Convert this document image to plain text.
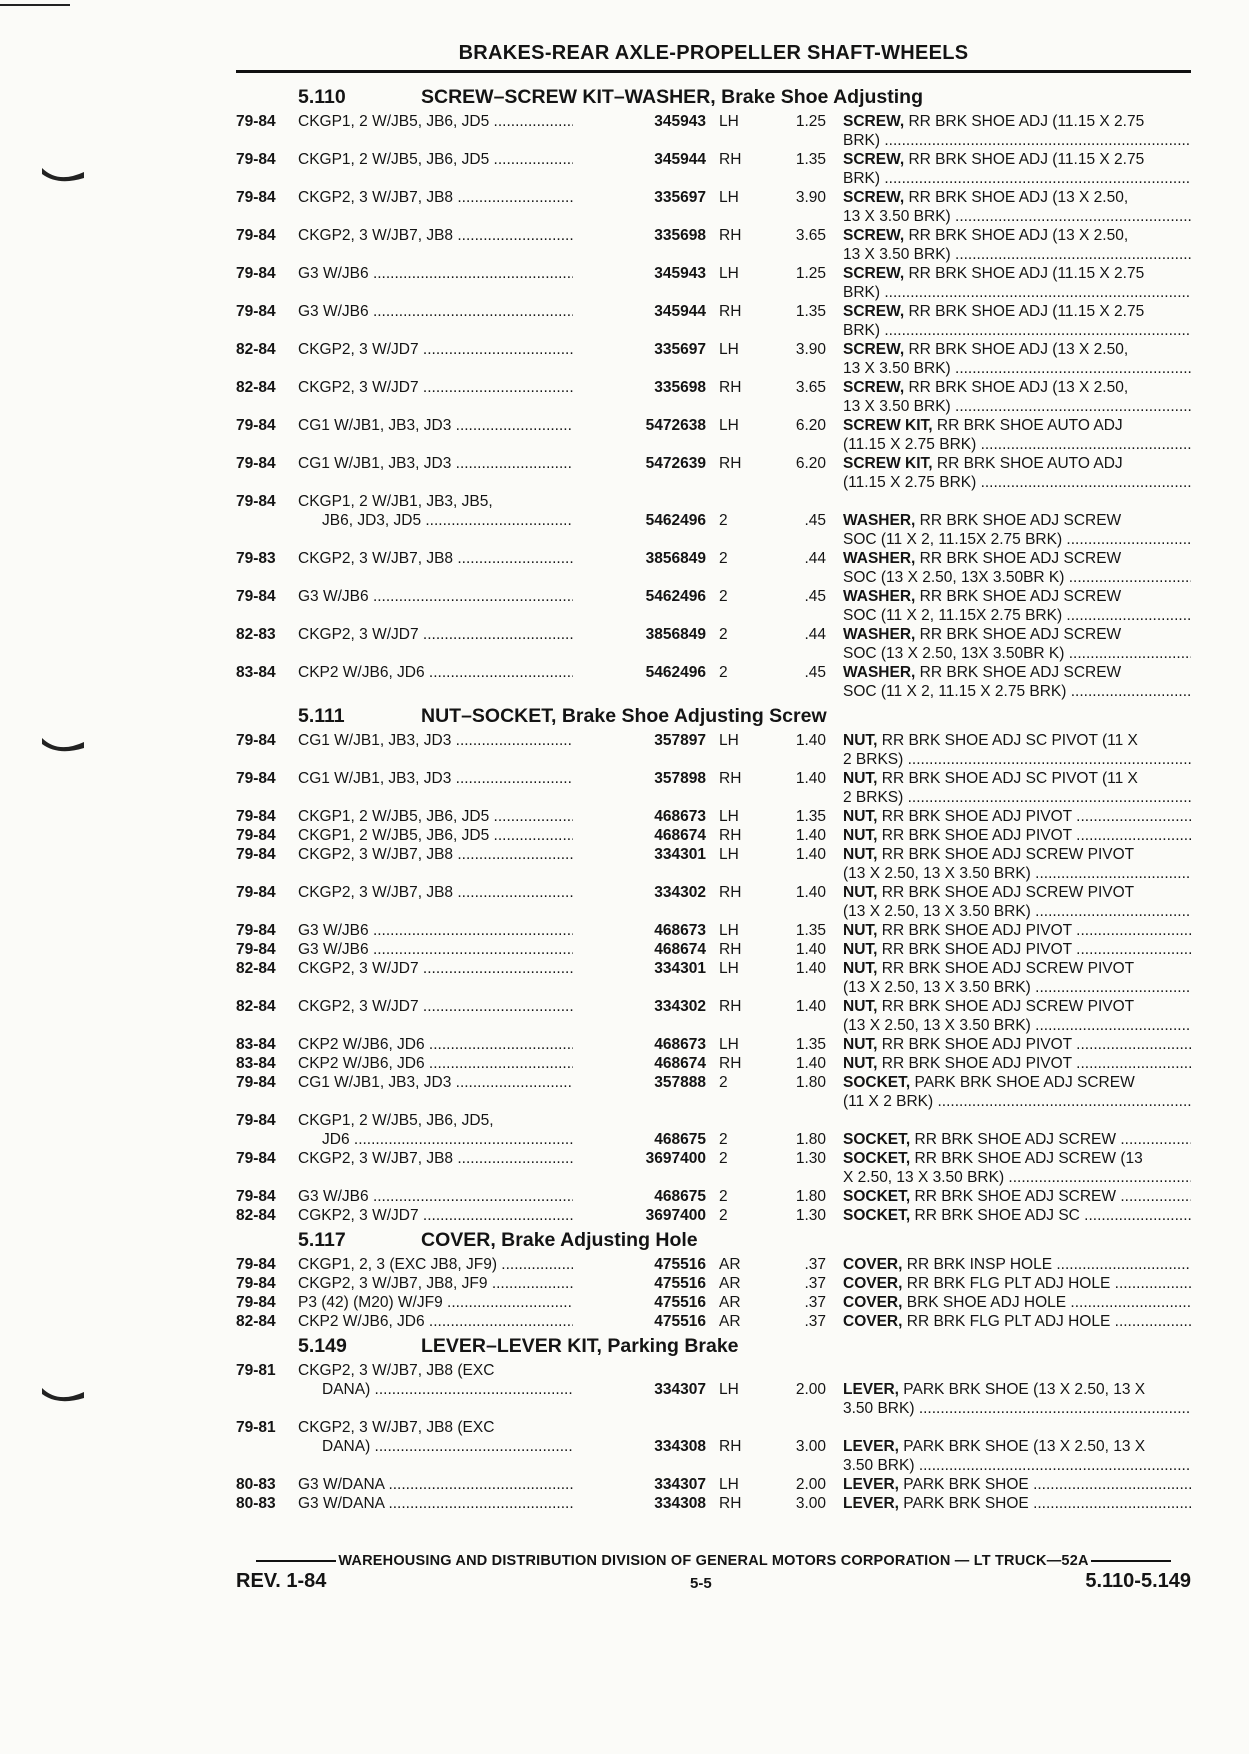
BRAKES-REAR AXLE-PROPELLER SHAFT-WHEELS
5.110	SCREW–SCREW KIT–WASHER, Brake Shoe Adjusting
79-84 CKGP1, 2 W/JB5, JB6, JD5 .....	345943 LH	1.25 SCREW, RR BRK SHOE ADJ (11.15 X 2.75
BRK) .....
79-84 CKGP1, 2 W/JB5, JB6, JD5 .....	345944 RH	1.35 SCREW, RR BRK SHOE ADJ (11.15 X 2.75
BRK) .....
79-84 CKGP2, 3 W/JB7, JB8 .....	335697 LH	3.90 SCREW, RR BRK SHOE ADJ (13 X 2.50,
13 X 3.50 BRK) .....
79-84 CKGP2, 3 W/JB7, JB8 .....	335698 RH	3.65 SCREW, RR BRK SHOE ADJ (13 X 2.50,
13 X 3.50 BRK) .....
79-84 G3 W/JB6 .....	345943 LH	1.25 SCREW, RR BRK SHOE ADJ (11.15 X 2.75
BRK) .....
79-84 G3 W/JB6 .....	345944 RH	1.35 SCREW, RR BRK SHOE ADJ (11.15 X 2.75
BRK) .....
82-84 CKGP2, 3 W/JD7 .....	335697 LH	3.90 SCREW, RR BRK SHOE ADJ (13 X 2.50,
13 X 3.50 BRK) .....
82-84 CKGP2, 3 W/JD7 .....	335698 RH	3.65 SCREW, RR BRK SHOE ADJ (13 X 2.50,
13 X 3.50 BRK) .....
79-84 CG1 W/JB1, JB3, JD3 .....	5472638 LH	6.20 SCREW KIT, RR BRK SHOE AUTO ADJ
(11.15 X 2.75 BRK) .....
79-84 CG1 W/JB1, JB3, JD3 .....	5472639 RH	6.20 SCREW KIT, RR BRK SHOE AUTO ADJ
(11.15 X 2.75 BRK) .....
79-84 CKGP1, 2 W/JB1, JB3, JB5,
JB6, JD3, JD5 .....	5462496 2	.45 WASHER, RR BRK SHOE ADJ SCREW
SOC (11 X 2, 11.15X 2.75 BRK) .....
79-83 CKGP2, 3 W/JB7, JB8 .....	3856849 2	.44 WASHER, RR BRK SHOE ADJ SCREW
SOC (13 X 2.50, 13X 3.50BR K) .....
79-84 G3 W/JB6 .....	5462496 2	.45 WASHER, RR BRK SHOE ADJ SCREW
SOC (11 X 2, 11.15X 2.75 BRK) .....
82-83 CKGP2, 3 W/JD7 .....	3856849 2	.44 WASHER, RR BRK SHOE ADJ SCREW
SOC (13 X 2.50, 13X 3.50BR K) .....
83-84 CKP2 W/JB6, JD6 .....	5462496 2	.45 WASHER, RR BRK SHOE ADJ SCREW
SOC (11 X 2, 11.15 X 2.75 BRK) .....
5.111	NUT–SOCKET, Brake Shoe Adjusting Screw
79-84 CG1 W/JB1, JB3, JD3 .....	357897 LH	1.40 NUT, RR BRK SHOE ADJ SC PIVOT (11 X
2 BRKS) .....
79-84 CG1 W/JB1, JB3, JD3 .....	357898 RH	1.40 NUT, RR BRK SHOE ADJ SC PIVOT (11 X
2 BRKS) .....
79-84 CKGP1, 2 W/JB5, JB6, JD5 .....	468673 LH	1.35 NUT, RR BRK SHOE ADJ PIVOT .....
79-84 CKGP1, 2 W/JB5, JB6, JD5 .....	468674 RH	1.40 NUT, RR BRK SHOE ADJ PIVOT .....
79-84 CKGP2, 3 W/JB7, JB8 .....	334301 LH	1.40 NUT, RR BRK SHOE ADJ SCREW PIVOT
(13 X 2.50, 13 X 3.50 BRK) .....
79-84 CKGP2, 3 W/JB7, JB8 .....	334302 RH	1.40 NUT, RR BRK SHOE ADJ SCREW PIVOT
(13 X 2.50, 13 X 3.50 BRK) .....
79-84 G3 W/JB6 .....	468673 LH	1.35 NUT, RR BRK SHOE ADJ PIVOT .....
79-84 G3 W/JB6 .....	468674 RH	1.40 NUT, RR BRK SHOE ADJ PIVOT .....
82-84 CKGP2, 3 W/JD7 .....	334301 LH	1.40 NUT, RR BRK SHOE ADJ SCREW PIVOT
(13 X 2.50, 13 X 3.50 BRK) .....
82-84 CKGP2, 3 W/JD7 .....	334302 RH	1.40 NUT, RR BRK SHOE ADJ SCREW PIVOT
(13 X 2.50, 13 X 3.50 BRK) .....
83-84 CKP2 W/JB6, JD6 .....	468673 LH	1.35 NUT, RR BRK SHOE ADJ PIVOT .....
83-84 CKP2 W/JB6, JD6 .....	468674 RH	1.40 NUT, RR BRK SHOE ADJ PIVOT .....
79-84 CG1 W/JB1, JB3, JD3 .....	357888 2	1.80 SOCKET, PARK BRK SHOE ADJ SCREW
(11 X 2 BRK) .....
79-84 CKGP1, 2 W/JB5, JB6, JD5,
JD6 .....	468675 2	1.80 SOCKET, RR BRK SHOE ADJ SCREW .....
79-84 CKGP2, 3 W/JB7, JB8 .....	3697400 2	1.30 SOCKET, RR BRK SHOE ADJ SCREW (13
X 2.50, 13 X 3.50 BRK) .....
79-84 G3 W/JB6 .....	468675 2	1.80 SOCKET, RR BRK SHOE ADJ SCREW .....
82-84 CGKP2, 3 W/JD7 .....	3697400 2	1.30 SOCKET, RR BRK SHOE ADJ SC .....
5.117	COVER, Brake Adjusting Hole
79-84 CKGP1, 2, 3 (EXC JB8, JF9) .....	475516 AR	.37 COVER, RR BRK INSP HOLE .....
79-84 CKGP2, 3 W/JB7, JB8, JF9 .....	475516 AR	.37 COVER, RR BRK FLG PLT ADJ HOLE .....
79-84 P3 (42) (M20) W/JF9 .....	475516 AR	.37 COVER, BRK SHOE ADJ HOLE .....
82-84 CKP2 W/JB6, JD6 .....	475516 AR	.37 COVER, RR BRK FLG PLT ADJ HOLE .....
5.149	LEVER–LEVER KIT, Parking Brake
79-81 CKGP2, 3 W/JB7, JB8 (EXC
DANA) .....	334307 LH	2.00 LEVER, PARK BRK SHOE (13 X 2.50, 13 X
3.50 BRK) .....
79-81 CKGP2, 3 W/JB7, JB8 (EXC
DANA) .....	334308 RH	3.00 LEVER, PARK BRK SHOE (13 X 2.50, 13 X
3.50 BRK) .....
80-83 G3 W/DANA .....	334307 LH	2.00 LEVER, PARK BRK SHOE .....
80-83 G3 W/DANA .....	334308 RH	3.00 LEVER, PARK BRK SHOE .....
WAREHOUSING AND DISTRIBUTION DIVISION OF GENERAL MOTORS CORPORATION — LT TRUCK—52A
REV. 1-84	5-5	5.110-5.149
